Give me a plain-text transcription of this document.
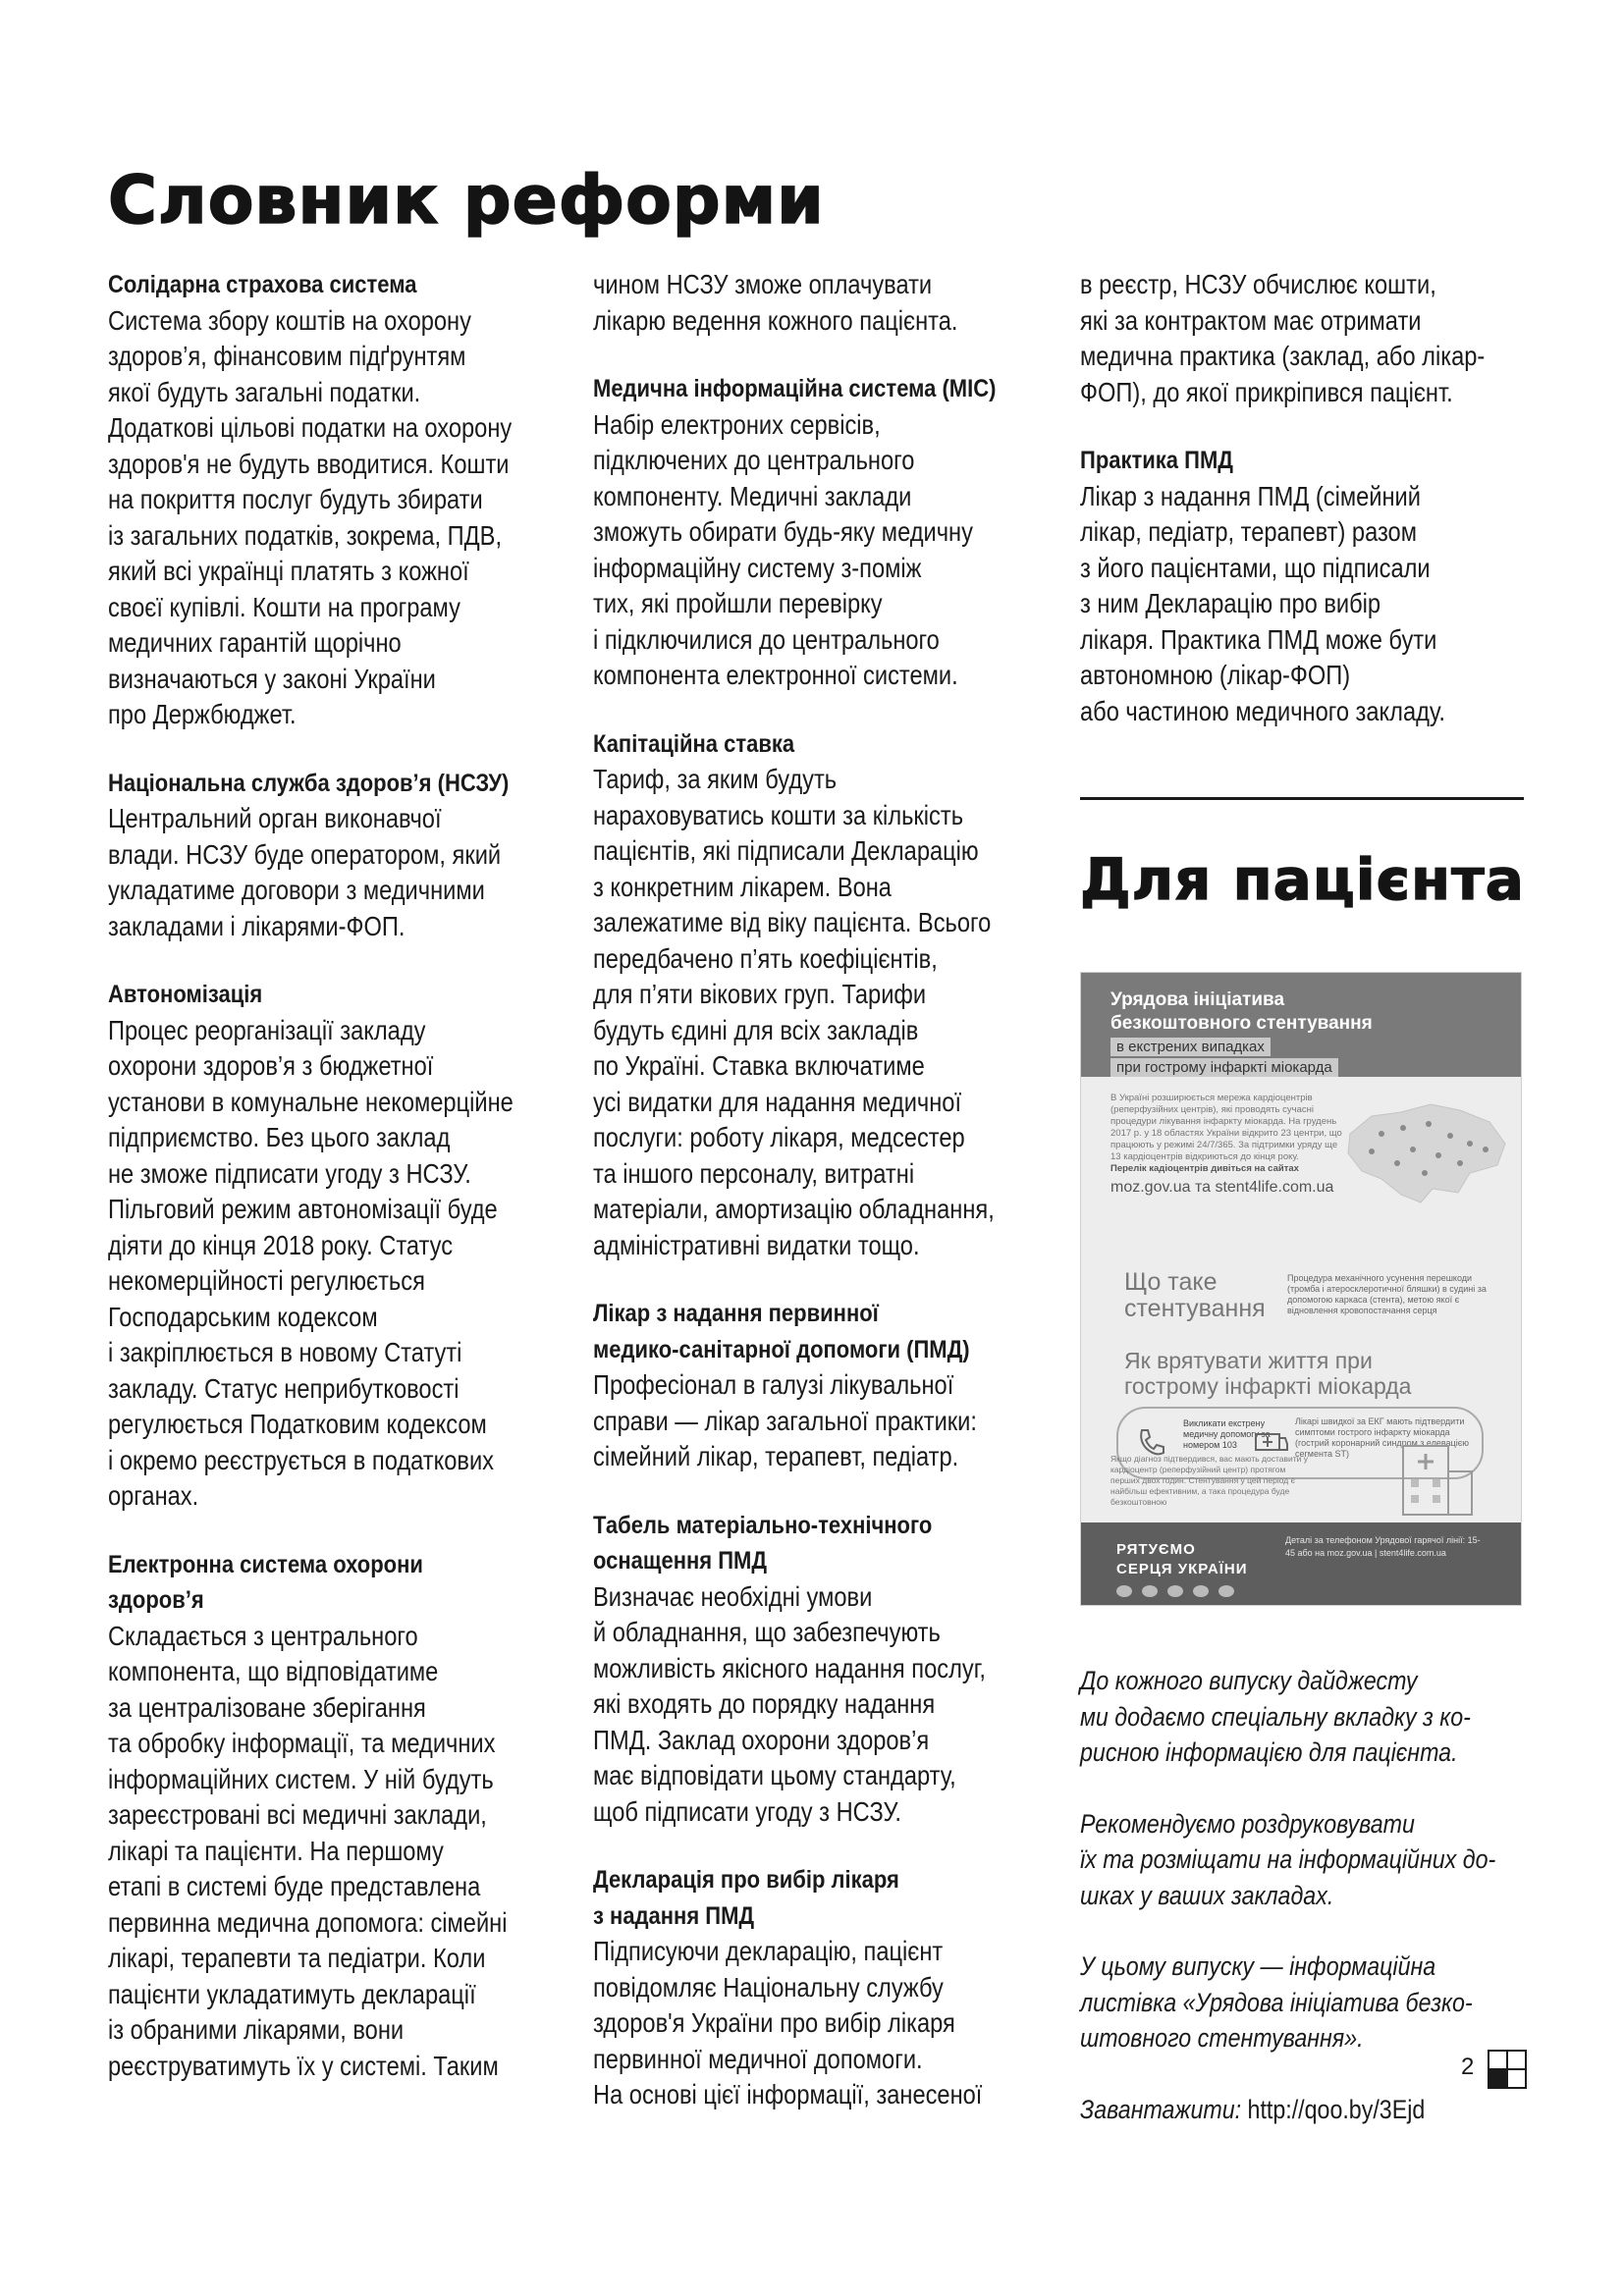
Словник реформи
Солідарна страхова система
Система збору коштів на охорону
здоров’я, фінансовим підґрунтям
якої будуть загальні податки.
Додаткові цільові податки на охорону
здоров'я не будуть вводитися. Кошти
на покриття послуг будуть збирати
із загальних податків, зокрема, ПДВ,
який всі українці платять з кожної
своєї купівлі. Кошти на програму
медичних гарантій щорічно
визначаються у законі України
про Держбюджет.
Національна служба здоров’я (НСЗУ)
Центральний орган виконавчої
влади. НСЗУ буде оператором, який
укладатиме договори з медичними
закладами і лікарями-ФОП.
Автономізація
Процес реорганізації закладу
охорони здоров’я з бюджетної
установи в комунальне некомерційне
підприємство. Без цього заклад
не зможе підписати угоду з НСЗУ.
Пільговий режим автономізації буде
діяти до кінця 2018 року. Статус
некомерційності регулюється
Господарським кодексом
і закріплюється в новому Статуті
закладу. Статус неприбутковості
регулюється Податковим кодексом
і окремо реєструється в податкових
органах.
Електронна система охорони
здоров’я
Складається з центрального
компонента, що відповідатиме
за централізоване зберігання
та обробку інформації, та медичних
інформаційних систем. У ній будуть
зареєстровані всі медичні заклади,
лікарі та пацієнти. На першому
етапі в системі буде представлена
первинна медична допомога: сімейні
лікарі, терапевти та педіатри. Коли
пацієнти укладатимуть декларації
із обраними лікарями, вони
реєструватимуть їх у системі. Таким
чином НСЗУ зможе оплачувати
лікарю ведення кожного пацієнта.
Медична інформаційна система (МІС)
Набір електроних сервісів,
підключених до центрального
компоненту. Медичні заклади
зможуть обирати будь-яку медичну
інформаційну систему з-поміж
тих, які пройшли перевірку
і підключилися до центрального
компонента електронної системи.
Капітаційна ставка
Тариф, за яким будуть
нараховуватись кошти за кількість
пацієнтів, які підписали Декларацію
з конкретним лікарем. Вона
залежатиме від віку пацієнта. Всього
передбачено п’ять коефіцієнтів,
для п’яти вікових груп. Тарифи
будуть єдині для всіх закладів
по Україні. Ставка включатиме
усі видатки для надання медичної
послуги: роботу лікаря, медсестер
та іншого персоналу, витратні
матеріали, амортизацію обладнання,
адміністративні видатки тощо.
Лікар з надання первинної
медико-санітарної допомоги (ПМД)
Професіонал в галузі лікувальної
справи — лікар загальної практики:
сімейний лікар, терапевт, педіатр.
Табель матеріально-технічного
оснащення ПМД
Визначає необхідні умови
й обладнання, що забезпечують
можливість якісного надання послуг,
які входять до порядку надання
ПМД. Заклад охорони здоров’я
має відповідати цьому стандарту,
щоб підписати угоду з НСЗУ.
Декларація про вибір лікаря
з надання ПМД
Підписуючи декларацію, пацієнт
повідомляє Національну службу
здоров'я України про вибір лікаря
первинної медичної допомоги.
На основі цієї інформації, занесеної
в реєстр, НСЗУ обчислює кошти,
які за контрактом має отримати
медична практика (заклад, або лікар-
ФОП), до якої прикріпився пацієнт.
Практика ПМД
Лікар з надання ПМД (сімейний
лікар, педіатр, терапевт) разом
з його пацієнтами, що підписали
з ним Декларацію про вибір
лікаря. Практика ПМД може бути
автономною (лікар-ФОП)
або частиною медичного закладу.
Для пацієнта
Урядова ініціатива
безкоштовного стентування
в екстрених випадках
при гострому інфаркті міокарда
В Україні розширюється мережа кардіоцентрів (реперфузійних центрів), які проводять сучасні процедури лікування інфаркту міокарда. На грудень 2017 р. у 18 областях України відкрито 23 центри, що працюють у режимі 24/7/365. За підтримки уряду ще 13 кардіоцентрів відкриються до кінця року.
Перелік кадіоцентрів дивіться на сайтах
moz.gov.ua та stent4life.com.ua
Що таке
стентування
Процедура механічного усунення перешкоди (тромба і атеросклеротичної бляшки) в судині за допомогою каркаса (стента), метою якої є відновлення кровопостачання серця
Як врятувати життя при
гострому інфаркті міокарда
Викликати екстрену медичну допомогу за номером 103
Лікарі швидкої за ЕКГ мають підтвердити симптоми гострого інфаркту міокарда (гострий коронарний синдром з елевацією сегмента ST)
Якщо діагноз підтвердився, вас мають доставити у кардіоцентр (реперфузійний центр) протягом перших двох годин. Стентування у цей період є найбільш ефективним, а така процедура буде безкоштовною
РЯТУЄМО
СЕРЦЯ УКРАЇНИ
Деталі за телефоном Урядової гарячої лінії: 15-45 або на moz.gov.ua | stent4life.com.ua

До кожного випуску дайджесту
ми додаємо спеціальну вкладку з ко-
рисною інформацією для пацієнта.

Рекомендуємо роздруковувати
їх та розміщати на інформаційних до-
шках у ваших закладах.

У цьому випуску — інформаційна
листівка «Урядова ініціатива безко-
штовного стентування».

Завантажити: http://qoo.by/3Ejd

2
